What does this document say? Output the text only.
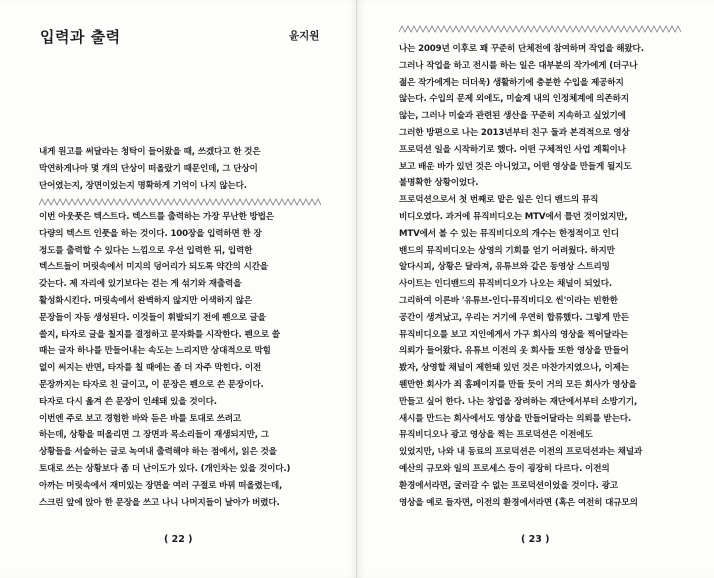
입력과 출력	윤지원

내게 원고를 써달라는 청탁이 들어왔을 때, 쓰겠다고 한 것은
막연하게나마 몇 개의 단상이 떠올랐기 때문인데, 그 단상이
단어였는지, 장면이었는지 명확하게 기억이 나지 않는다.
이번 아웃풋은 텍스트다. 텍스트를 출력하는 가장 무난한 방법은
다량의 텍스트 인풋을 하는 것이다. 100장을 입력하면 한 장
정도를 출력할 수 있다는 느낌으로 우선 입력한 뒤, 입력한
텍스트들이 머릿속에서 미지의 덩어리가 되도록 약간의 시간을
갖는다. 제 자리에 있기보다는 걷는 게 섞기와 재출력을
활성화시킨다. 머릿속에서 완벽하지 않지만 어색하지 않은
문장들이 자동 생성된다. 이것들이 휘발되기 전에 펜으로 글을
쓸지, 타자로 글을 칠지를 결정하고 문자화를 시작한다. 펜으로 쓸
때는 글자 하나를 만들어내는 속도는 느리지만 상대적으로 막힘
없이 써지는 반면, 타자를 칠 때에는 좀 더 자주 막힌다. 이전
문장까지는 타자로 친 글이고, 이 문장은 펜으로 쓴 문장이다.
타자로 다시 옮겨 쓴 문장이 인쇄돼 있을 것이다.
이번엔 주로 보고 경험한 바와 듣은 바를 토대로 쓰려고
하는데, 상황을 떠올리면 그 장면과 목소리들이 재생되지만, 그
상황들을 서술하는 글로 녹여내 출력해야 하는 점에서, 읽은 것을
토대로 쓰는 상황보다 좀 더 난이도가 있다. (개인차는 있을 것이다.)
아까는 머릿속에서 재미있는 장면을 여러 구절로 바꿔 떠올렸는데,
스크린 앞에 앉아 한 문장을 쓰고 나니 나머지들이 날아가 버렸다.

( 22 )

나는 2009년 이후로 꽤 꾸준히 단체전에 참여하며 작업을 해왔다.
그러나 작업을 하고 전시를 하는 일은 대부분의 작가에게 (더구나
젊은 작가에게는 더더욱) 생활하기에 충분한 수입을 제공하지
않는다. 수입의 문제 외에도, 미술계 내의 인정체계에 의존하지
않는, 그러나 미술과 관련된 생산을 꾸준히 지속하고 싶었기에
그러한 방편으로 나는 2013년부터 친구 둘과 본격적으로 영상
프로덕션 일을 시작하기로 했다. 어떤 구체적인 사업 계획이나
보고 배운 바가 있던 것은 아니었고, 어떤 영상을 만들게 될지도
불명확한 상황이었다.
프로덕션으로서 첫 번째로 맡은 일은 인디 밴드의 뮤직
비디오였다. 과거에 뮤직비디오는 MTV에서 틀던 것이었지만,
MTV에서 볼 수 있는 뮤직비디오의 개수는 한정적이고 인디
밴드의 뮤직비디오는 상영의 기회를 얻기 어려웠다. 하지만
알다시피, 상황은 달라져, 유튜브와 같은 동영상 스트리밍
사이트는 인디밴드의 뮤직비디오가 나오는 채널이 되었다.
그리하여 이른바 '유튜브-인디-뮤직비디오 씬'이라는 빈한한
공간이 생겨났고, 우리는 거기에 우연히 합류했다. 그렇게 만든
뮤직비디오를 보고 지인에게서 가구 회사의 영상을 찍어달라는
의뢰가 들어왔다. 유튜브 이전의 옷 회사들 또한 영상을 만들어
봤자, 상영할 채널이 제한돼 있던 것은 마찬가지였으나, 이제는
웬만한 회사가 죄 홈페이지를 만들 듯이 거의 모든 회사가 영상을
만들고 싶어 한다. 나는 창업을 장려하는 재단에서부터 소방기기,
새시를 만드는 회사에서도 영상을 만들어달라는 의뢰를 받는다.
뮤직비디오나 광고 영상을 찍는 프로덕션은 이전에도
있었지만, 나와 내 동료의 프로덕션은 이전의 프로덕션과는 채널과
예산의 규모와 일의 프로세스 등이 굉장히 다르다. 이전의
환경에서라면, 굴러갈 수 없는 프로덕션이었을 것이다. 광고
영상을 예로 들자면, 이전의 환경에서라면 (혹은 여전히 대규모의

( 23 )
